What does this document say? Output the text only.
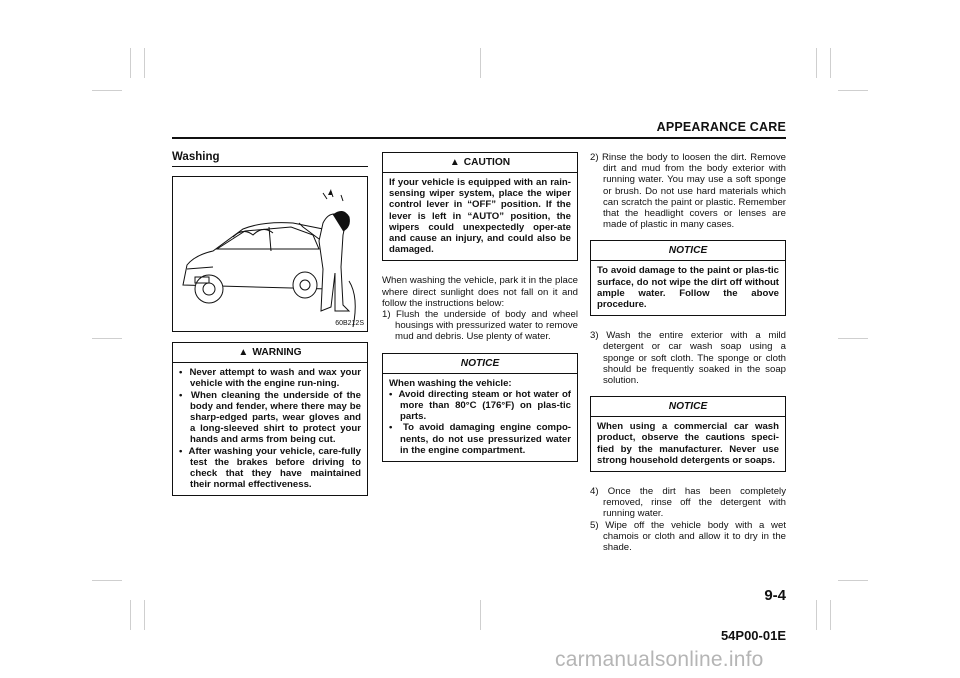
APPEARANCE CARE
Washing
60B212S
▲ WARNING
•  Never attempt to wash and wax your vehicle with the engine run-ning.
•  When cleaning the underside of the body and fender, where there may be sharp-edged parts, wear gloves and a long-sleeved shirt to protect your hands and arms from being cut.
•  After washing your vehicle, care-fully test the brakes before driving to check that they have maintained their normal effectiveness.
▲ CAUTION
If your vehicle is equipped with an rain-sensing wiper system, place the wiper control lever in “OFF” position. If the lever is left in “AUTO” position, the wipers could unexpectedly oper-ate and cause an injury, and could also be damaged.

When washing the vehicle, park it in the place where direct sunlight does not fall on it and follow the instructions below:

1) Flush the underside of body and wheel housings with pressurized water to remove mud and debris. Use plenty of water.
NOTICE
When washing the vehicle:
•  Avoid directing steam or hot water of more than 80°C (176°F) on plas-tic parts.
•  To avoid damaging engine compo-nents, do not use pressurized water in the engine compartment.
2) Rinse the body to loosen the dirt. Remove dirt and mud from the body exterior with running water. You may use a soft sponge or brush. Do not use hard materials which can scratch the paint or plastic. Remember that the headlight covers or lenses are made of plastic in many cases.
NOTICE
To avoid damage to the paint or plas-tic surface, do not wipe the dirt off without ample water. Follow the above procedure.
3) Wash the entire exterior with a mild detergent or car wash soap using a sponge or soft cloth. The sponge or cloth should be frequently soaked in the soap solution.
NOTICE
When using a commercial car wash product, observe the cautions speci-fied by the manufacturer. Never use strong household detergents or soaps.
4) Once the dirt has been completely removed, rinse off the detergent with running water.
5) Wipe off the vehicle body with a wet chamois or cloth and allow it to dry in the shade.
9-4
54P00-01E
carmanualsonline.info
